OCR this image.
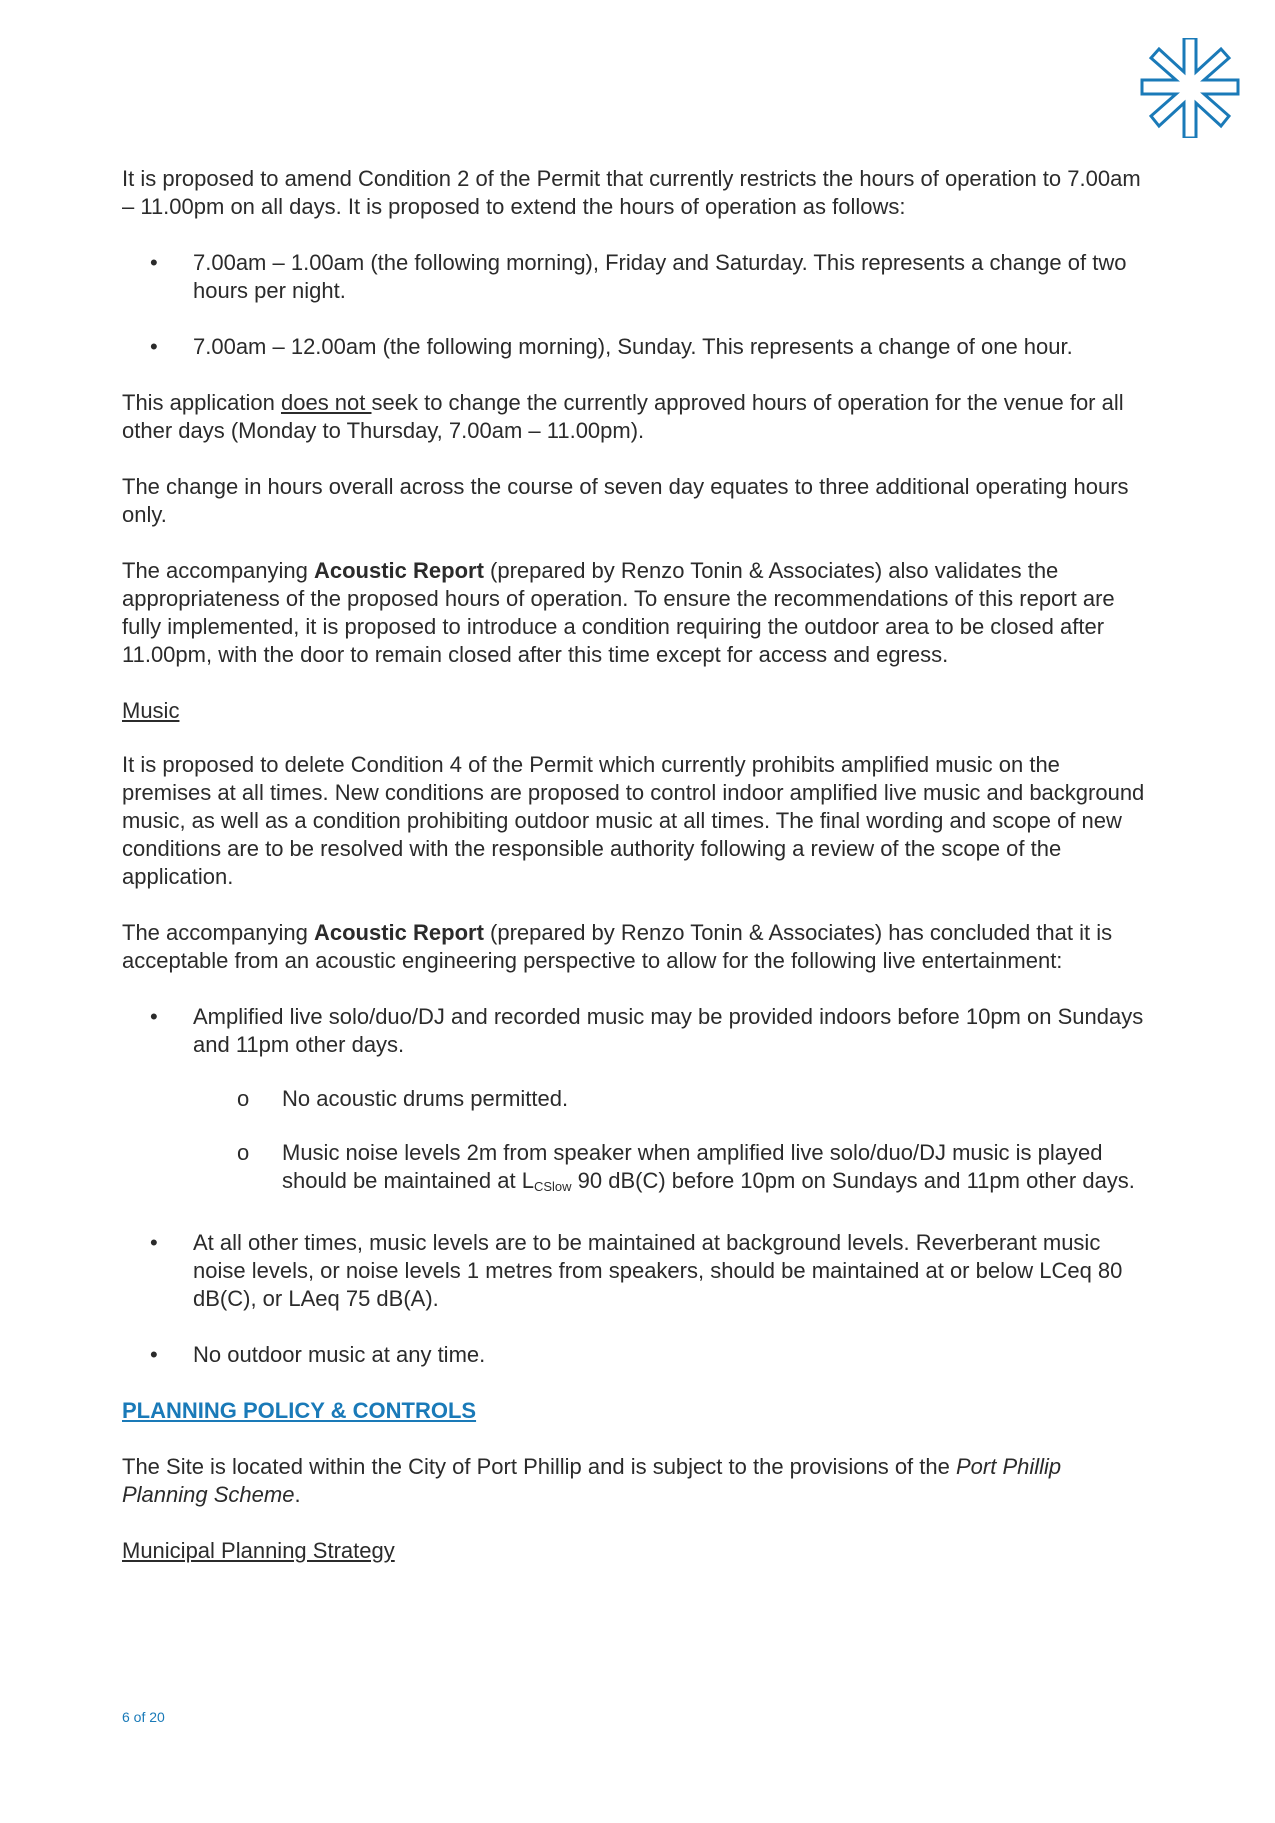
It is proposed to amend Condition 2 of the Permit that currently restricts the hours of operation to 7.00am – 11.00pm on all days. It is proposed to extend the hours of operation as follows:

• 7.00am – 1.00am (the following morning), Friday and Saturday. This represents a change of two hours per night.
• 7.00am – 12.00am (the following morning), Sunday. This represents a change of one hour.

This application does not seek to change the currently approved hours of operation for the venue for all other days (Monday to Thursday, 7.00am – 11.00pm).

The change in hours overall across the course of seven day equates to three additional operating hours only.

The accompanying Acoustic Report (prepared by Renzo Tonin & Associates) also validates the appropriateness of the proposed hours of operation. To ensure the recommendations of this report are fully implemented, it is proposed to introduce a condition requiring the outdoor area to be closed after 11.00pm, with the door to remain closed after this time except for access and egress.

Music

It is proposed to delete Condition 4 of the Permit which currently prohibits amplified music on the premises at all times. New conditions are proposed to control indoor amplified live music and background music, as well as a condition prohibiting outdoor music at all times. The final wording and scope of new conditions are to be resolved with the responsible authority following a review of the scope of the application.

The accompanying Acoustic Report (prepared by Renzo Tonin & Associates) has concluded that it is acceptable from an acoustic engineering perspective to allow for the following live entertainment:

• Amplified live solo/duo/DJ and recorded music may be provided indoors before 10pm on Sundays and 11pm other days.
o No acoustic drums permitted.
o Music noise levels 2m from speaker when amplified live solo/duo/DJ music is played should be maintained at LCSlow 90 dB(C) before 10pm on Sundays and 11pm other days.
• At all other times, music levels are to be maintained at background levels. Reverberant music noise levels, or noise levels 1 metres from speakers, should be maintained at or below LCeq 80 dB(C), or LAeq 75 dB(A).
• No outdoor music at any time.
PLANNING POLICY & CONTROLS

The Site is located within the City of Port Phillip and is subject to the provisions of the Port Phillip Planning Scheme.

Municipal Planning Strategy
6 of 20
